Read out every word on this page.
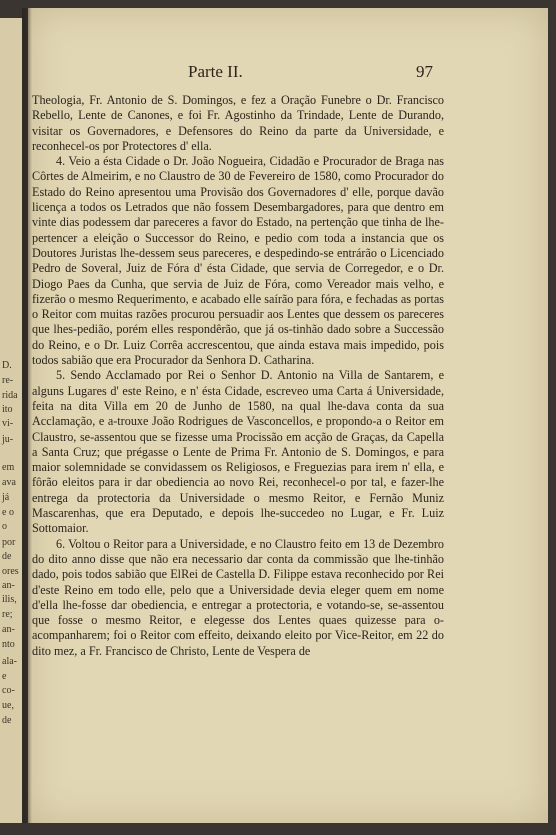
D.
re-
rida
ito
vi-
ju-
em
ava
já
e o
o
por
de
ores
an-
ilis,
re;
an-
nto
ala-
e
co-
ue,
de
Parte II.	97

Theologia, Fr. Antonio de S. Domingos, e fez a Oração Funebre o Dr. Francisco Rebello, Lente de Canones, e foi Fr. Agostinho da Trindade, Lente de Durando, visitar os Governadores, e Defensores do Reino da parte da Universidade, e reconhecel-os por Protectores d' ella.

4. Veio a ésta Cidade o Dr. João Nogueira, Cidadão e Procurador de Braga nas Côrtes de Almeirim, e no Claustro de 30 de Fevereiro de 1580, como Procurador do Estado do Reino apresentou uma Provisão dos Governadores d' elle, porque davão licença a todos os Letrados que não fossem Desembargadores, para que dentro em vinte dias podessem dar pareceres a favor do Estado, na pertenção que tinha de lhe-pertencer a eleição o Successor do Reino, e pedio com toda a instancia que os Doutores Juristas lhe-dessem seus pareceres, e despedindo-se entrárão o Licenciado Pedro de Soveral, Juiz de Fóra d' ésta Cidade, que servia de Corregedor, e o Dr. Diogo Paes da Cunha, que servia de Juiz de Fóra, como Vereador mais velho, e fizerão o mesmo Requerimento, e acabado elle saírão para fóra, e fechadas as portas o Reitor com muitas razões procurou persuadir aos Lentes que dessem os pareceres que lhes-pedião, porém elles respondêrão, que já os-tinhão dado sobre a Successão do Reino, e o Dr. Luiz Corrêa accrescentou, que ainda estava mais impedido, pois todos sabião que era Procurador da Senhora D. Catharina.

5. Sendo Acclamado por Rei o Senhor D. Antonio na Villa de Santarem, e alguns Lugares d' este Reino, e n' ésta Cidade, escreveo uma Carta á Universidade, feita na dita Villa em 20 de Junho de 1580, na qual lhe-dava conta da sua Acclamação, e a-trouxe João Rodrigues de Vasconcellos, e propondo-a o Reitor em Claustro, se-assentou que se fizesse uma Procissão em acção de Graças, da Capella a Santa Cruz; que prégasse o Lente de Prima Fr. Antonio de S. Domingos, e para maior solemnidade se convidassem os Religiosos, e Freguezias para irem n' ella, e fôrão eleitos para ir dar obediencia ao novo Rei, reconhecel-o por tal, e fazer-lhe entrega da protectoria da Universidade o mesmo Reitor, e Fernão Muniz Mascarenhas, que era Deputado, e depois lhe-succedeo no Lugar, e Fr. Luiz Sottomaior.

6. Voltou o Reitor para a Universidade, e no Claustro feito em 13 de Dezembro do dito anno disse que não era necessario dar conta da commissão que lhe-tinhão dado, pois todos sabião que ElRei de Castella D. Filippe estava reconhecido por Rei d'este Reino em todo elle, pelo que a Universidade devia eleger quem em nome d'ella lhe-fosse dar obediencia, e entregar a protectoria, e votando-se, se-assentou que fosse o mesmo Reitor, e elegesse dos Lentes quaes quizesse para o-acompanharem; foi o Reitor com effeito, deixando eleito por Vice-Reitor, em 22 do dito mez, a Fr. Francisco de Christo, Lente de Vespera de
